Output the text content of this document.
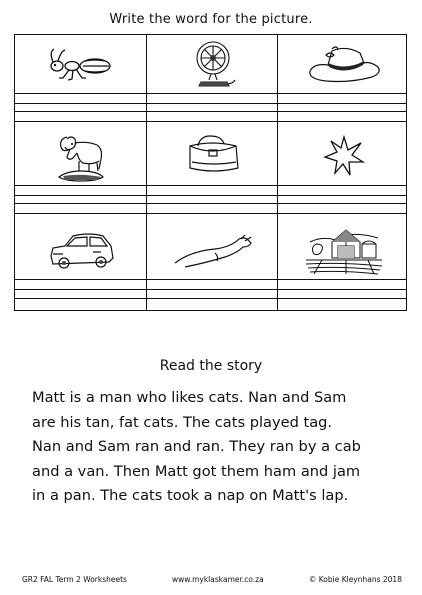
Write the word for the picture.
Read the story
Matt is a man who likes cats. Nan and Sam
are his tan, fat cats. The cats played tag.
Nan and Sam ran and ran. They ran by a cab
and a van. Then Matt got them ham and jam
in a pan. The cats took a nap on Matt's lap.
GR2 FAL Term 2 Worksheets	www.myklaskamer.co.za	© Kobie Kleynhans 2018
